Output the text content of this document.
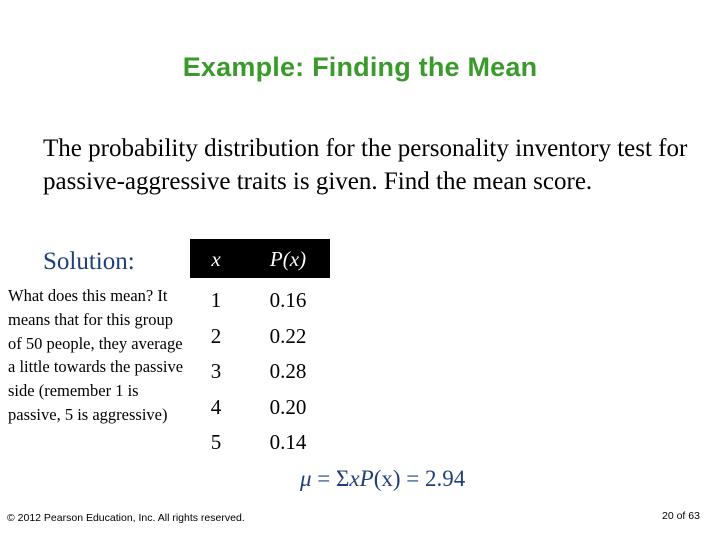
Example: Finding the Mean
The probability distribution for the personality inventory test for passive-aggressive traits is given. Find the mean score.
Solution:
What does this mean? It means that for this group of 50 people, they average a little towards the passive side (remember 1 is passive, 5 is aggressive)
x	P(x)
1
2
3
4
5
0.16
0.22
0.28
0.20
0.14
μ = ΣxP(x) = 2.94
© 2012 Pearson Education, Inc. All rights reserved.	20 of 63
